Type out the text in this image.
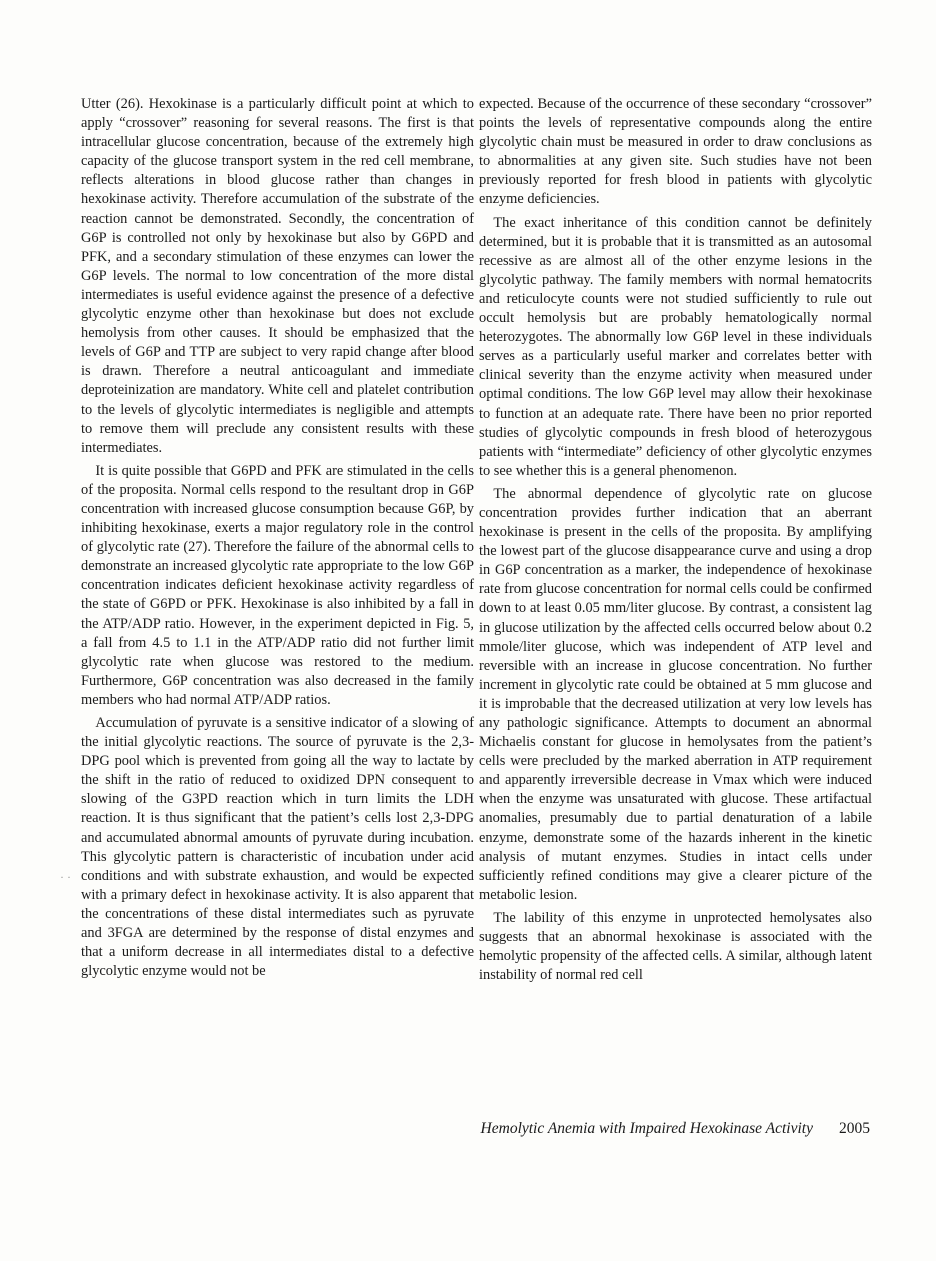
Utter (26). Hexokinase is a particularly difficult point at which to apply “crossover” reasoning for several reasons. The first is that intracellular glucose concentration, because of the extremely high capacity of the glucose transport system in the red cell membrane, reflects alterations in blood glucose rather than changes in hexokinase activity. Therefore accumulation of the substrate of the reaction cannot be demonstrated. Secondly, the concentration of G6P is controlled not only by hexokinase but also by G6PD and PFK, and a secondary stimulation of these enzymes can lower the G6P levels. The normal to low concentration of the more distal intermediates is useful evidence against the presence of a defective glycolytic enzyme other than hexokinase but does not exclude hemolysis from other causes. It should be emphasized that the levels of G6P and TTP are subject to very rapid change after blood is drawn. Therefore a neutral anticoagulant and immediate deproteinization are mandatory. White cell and platelet contribution to the levels of glycolytic intermediates is negligible and attempts to remove them will preclude any consistent results with these intermediates.

It is quite possible that G6PD and PFK are stimulated in the cells of the proposita. Normal cells respond to the resultant drop in G6P concentration with increased glucose consumption because G6P, by inhibiting hexokinase, exerts a major regulatory role in the control of glycolytic rate (27). Therefore the failure of the abnormal cells to demonstrate an increased glycolytic rate appropriate to the low G6P concentration indicates deficient hexokinase activity regardless of the state of G6PD or PFK. Hexokinase is also inhibited by a fall in the ATP/ADP ratio. However, in the experiment depicted in Fig. 5, a fall from 4.5 to 1.1 in the ATP/ADP ratio did not further limit glycolytic rate when glucose was restored to the medium. Furthermore, G6P concentration was also decreased in the family members who had normal ATP/ADP ratios.

Accumulation of pyruvate is a sensitive indicator of a slowing of the initial glycolytic reactions. The source of pyruvate is the 2,3-DPG pool which is prevented from going all the way to lactate by the shift in the ratio of reduced to oxidized DPN consequent to slowing of the G3PD reaction which in turn limits the LDH reaction. It is thus significant that the patient’s cells lost 2,3-DPG and accumulated abnormal amounts of pyruvate during incubation. This glycolytic pattern is characteristic of incubation under acid conditions and with substrate exhaustion, and would be expected with a primary defect in hexokinase activity. It is also apparent that the concentrations of these distal intermediates such as pyruvate and 3FGA are determined by the response of distal enzymes and that a uniform decrease in all intermediates distal to a defective glycolytic enzyme would not be

expected. Because of the occurrence of these secondary “crossover” points the levels of representative compounds along the entire glycolytic chain must be measured in order to draw conclusions as to abnormalities at any given site. Such studies have not been previously reported for fresh blood in patients with glycolytic enzyme deficiencies.

The exact inheritance of this condition cannot be definitely determined, but it is probable that it is transmitted as an autosomal recessive as are almost all of the other enzyme lesions in the glycolytic pathway. The family members with normal hematocrits and reticulocyte counts were not studied sufficiently to rule out occult hemolysis but are probably hematologically normal heterozygotes. The abnormally low G6P level in these individuals serves as a particularly useful marker and correlates better with clinical severity than the enzyme activity when measured under optimal conditions. The low G6P level may allow their hexokinase to function at an adequate rate. There have been no prior reported studies of glycolytic compounds in fresh blood of heterozygous patients with “intermediate” deficiency of other glycolytic enzymes to see whether this is a general phenomenon.

The abnormal dependence of glycolytic rate on glucose concentration provides further indication that an aberrant hexokinase is present in the cells of the proposita. By amplifying the lowest part of the glucose disappearance curve and using a drop in G6P concentration as a marker, the independence of hexokinase rate from glucose concentration for normal cells could be confirmed down to at least 0.05 mm/liter glucose. By contrast, a consistent lag in glucose utilization by the affected cells occurred below about 0.2 mmole/liter glucose, which was independent of ATP level and reversible with an increase in glucose concentration. No further increment in glycolytic rate could be obtained at 5 mm glucose and it is improbable that the decreased utilization at very low levels has any pathologic significance. Attempts to document an abnormal Michaelis constant for glucose in hemolysates from the patient’s cells were precluded by the marked aberration in ATP requirement and apparently irreversible decrease in Vmax which were induced when the enzyme was unsaturated with glucose. These artifactual anomalies, presumably due to partial denaturation of a labile enzyme, demonstrate some of the hazards inherent in the kinetic analysis of mutant enzymes. Studies in intact cells under sufficiently refined conditions may give a clearer picture of the metabolic lesion.

The lability of this enzyme in unprotected hemolysates also suggests that an abnormal hexokinase is associated with the hemolytic propensity of the affected cells. A similar, although latent instability of normal red cell

Hemolytic Anemia with Impaired Hexokinase Activity 2005
· ·
